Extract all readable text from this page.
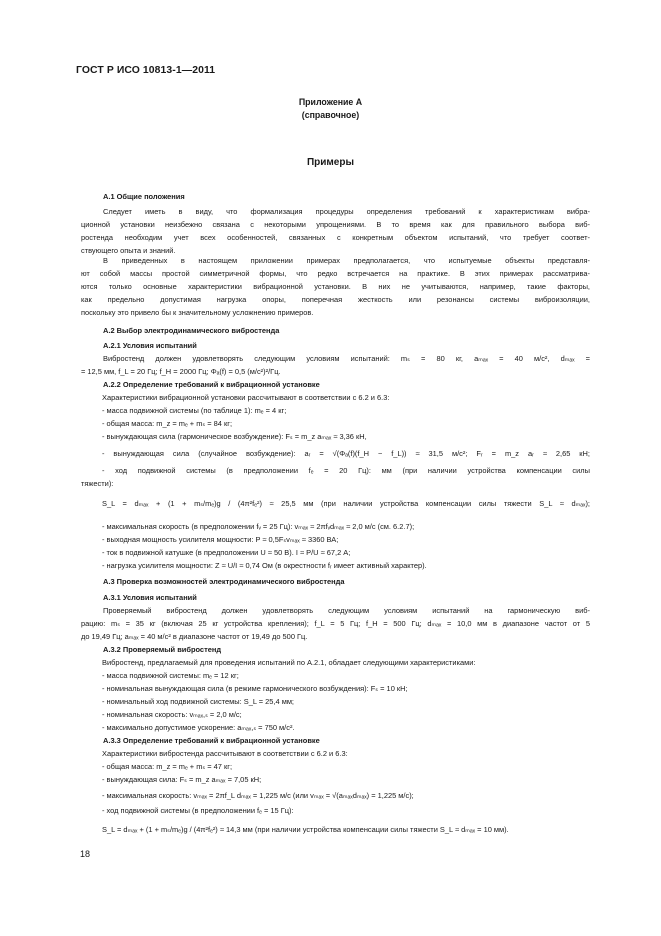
ГОСТ Р ИСО 10813-1—2011
Приложение А
(справочное)
Примеры
А.1 Общие положения
Следует иметь в виду, что формализация процедуры определения требований к характеристикам вибра-
ционной установки неизбежно связана с некоторыми упрощениями. В то время как для правильного выбора виб-
ростенда необходим учет всех особенностей, связанных с конкретным объектом испытаний, что требует соответ-
ствующего опыта и знаний.
В приведенных в настоящем приложении примерах предполагается, что испытуемые объекты представля-
ют собой массы простой симметричной формы, что редко встречается на практике. В этих примерах рассматрива-
ются только основные характеристики вибрационной установки. В них не учитываются, например, такие факторы,
как предельно допустимая нагрузка опоры, поперечная жесткость или резонансы системы виброизоляции,
поскольку это привело бы к значительному усложнению примеров.
А.2 Выбор электродинамического вибростенда
А.2.1 Условия испытаний
Вибростенд должен удовлетворять следующим условиям испытаний: mₛ = 80 кг, aₘₐₓ = 40 м/с², dₘₐₓ =
= 12,5 мм, f_L = 20 Гц; f_H = 2000 Гц; Φₐ(f) = 0,5 (м/с²)²/Гц.
А.2.2 Определение требований к вибрационной установке
Характеристики вибрационной установки рассчитывают в соответствии с 6.2 и 6.3:
- масса подвижной системы (по таблице 1): mₑ = 4 кг;
- общая масса: m_z = mₑ + mₛ = 84 кг;
- вынуждающая сила (гармоническое возбуждение): Fₛ = m_z aₘₐₓ ≈ 3,36 кН,
- вынуждающая сила (случайное возбуждение): aᵣ = √(Φₐ(f)(f_H − f_L)) ≈ 31,5 м/с²; Fᵣ = m_z aᵣ ≈ 2,65 кН;
- ход подвижной системы (в предположении fₑ = 20 Гц): мм (при наличии устройства компенсации силы
тяжести):
S_L = dₘₐₓ + (1 + mₛ/mₑ)g / (4π²fₑ²) ≈ 25,5 мм (при наличии устройства компенсации силы тяжести S_L ≈ dₘₐₓ);
- максимальная скорость (в предположении fᵥ = 25 Гц): vₘₐₓ ≈ 2πfᵥdₘₐₓ ≈ 2,0 м/с (см. 6.2.7);
- выходная мощность усилителя мощности: P ≈ 0,5Fₛvₘₐₓ ≈ 3360 ВА;
- ток в подвижной катушке (в предположении U ≈ 50 В). I ≈ P/U ≈ 67,2 А;
- нагрузка усилителя мощности: Z ≈ U/I ≈ 0,74 Ом (в окрестности fᵣ имеет активный характер).
А.3 Проверка возможностей электродинамического вибростенда
А.3.1 Условия испытаний
Проверяемый вибростенд должен удовлетворять следующим условиям испытаний на гармоническую виб-
рацию: mₛ = 35 кг (включая 25 кг устройства крепления); f_L = 5 Гц; f_H = 500 Гц; dₘₐₓ = 10,0 мм в диапазоне частот от 5
до 19,49 Гц; aₘₐₓ = 40 м/с² в диапазоне частот от 19,49 до 500 Гц.
А.3.2 Проверяемый вибростенд
Вибростенд, предлагаемый для проведения испытаний по А.2.1, обладает следующими характеристиками:
- масса подвижной системы: mₑ = 12 кг;
- номинальная вынуждающая сила (в режиме гармонического возбуждения): Fₛ = 10 кН;
- номинальный ход подвижной системы: S_L = 25,4 мм;
- номинальная скорость: vₘₐₓ,ₛ = 2,0 м/с;
- максимально допустимое ускорение: aₘₐₓ,ₛ = 750 м/с².
А.3.3 Определение требований к вибрационной установке
Характеристики вибростенда рассчитывают в соответствии с 6.2 и 6.3:
- общая масса: m_z = mₑ + mₛ = 47 кг;
- вынуждающая сила: Fₛ = m_z aₘₐₓ = 7,05 кН;
- максимальная скорость: vₘₐₓ = 2πf_L dₘₐₓ = 1,225 м/с (или vₘₐₓ = √(aₘₐₓdₘₐₓ) = 1,225 м/с);
- ход подвижной системы (в предположении fₑ = 15 Гц):
S_L = dₘₐₓ + (1 + mₛ/mₑ)g / (4π²fₑ²) ≈ 14,3 мм (при наличии устройства компенсации силы тяжести S_L ≈ dₘₐₓ = 10 мм).
18
